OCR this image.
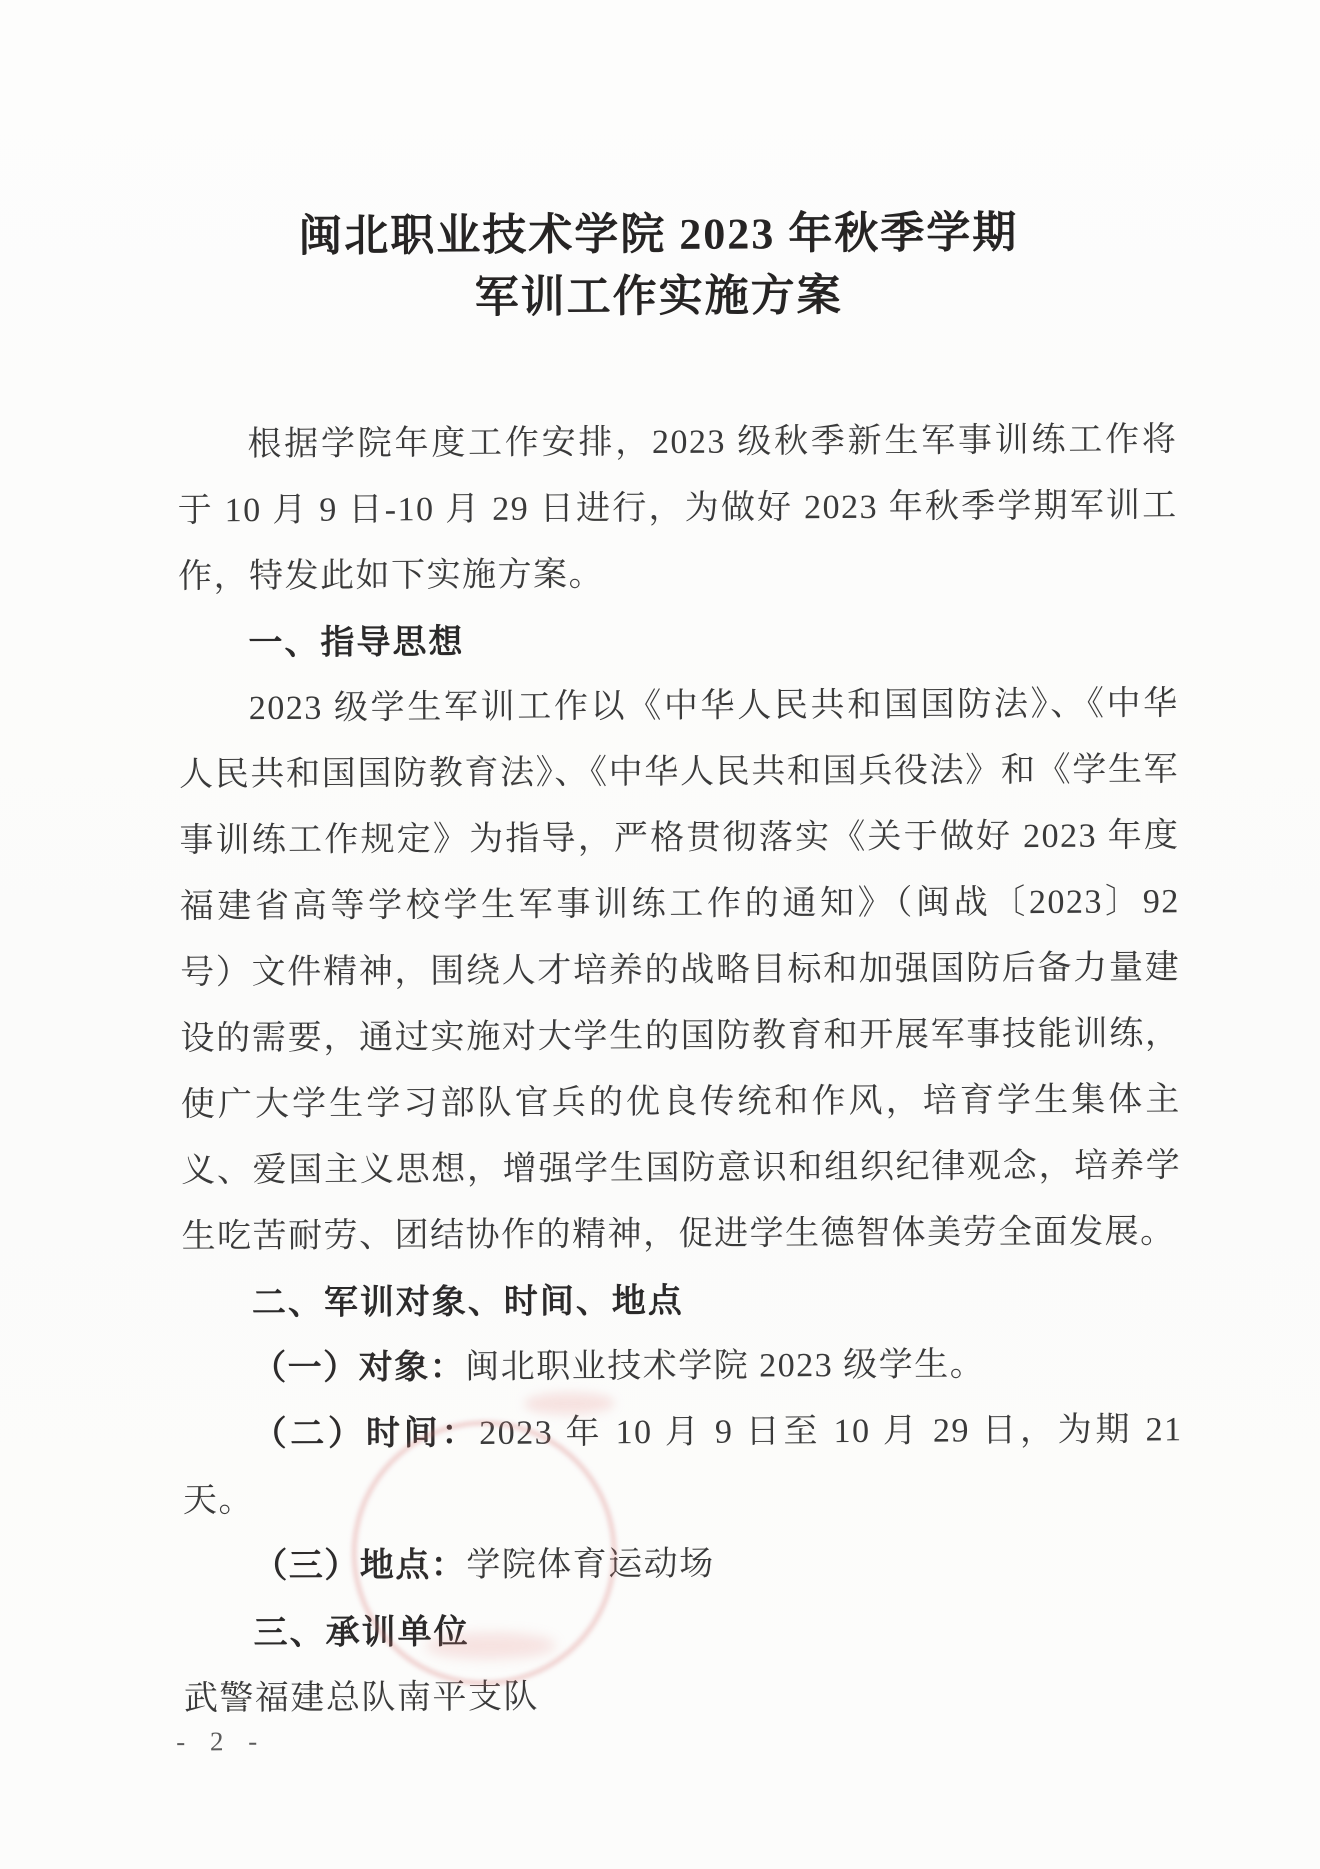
闽北职业技术学院 2023 年秋季学期
军训工作实施方案

根据学院年度工作安排，2023 级秋季新生军事训练工作将于 10 月 9 日-10 月 29 日进行，为做好 2023 年秋季学期军训工作，特发此如下实施方案。

一、指导思想

2023 级学生军训工作以《中华人民共和国国防法》、《中华人民共和国国防教育法》、《中华人民共和国兵役法》和《学生军事训练工作规定》为指导，严格贯彻落实《关于做好 2023 年度福建省高等学校学生军事训练工作的通知》（闽战〔2023〕92 号）文件精神，围绕人才培养的战略目标和加强国防后备力量建设的需要，通过实施对大学生的国防教育和开展军事技能训练，使广大学生学习部队官兵的优良传统和作风，培育学生集体主义、爱国主义思想，增强学生国防意识和组织纪律观念，培养学生吃苦耐劳、团结协作的精神，促进学生德智体美劳全面发展。

二、军训对象、时间、地点

（一）对象：闽北职业技术学院 2023 级学生。

（二）时间：2023 年 10 月 9 日至 10 月 29 日，为期 21 天。

（三）地点：学院体育运动场

三、承训单位

武警福建总队南平支队

- 2 -
